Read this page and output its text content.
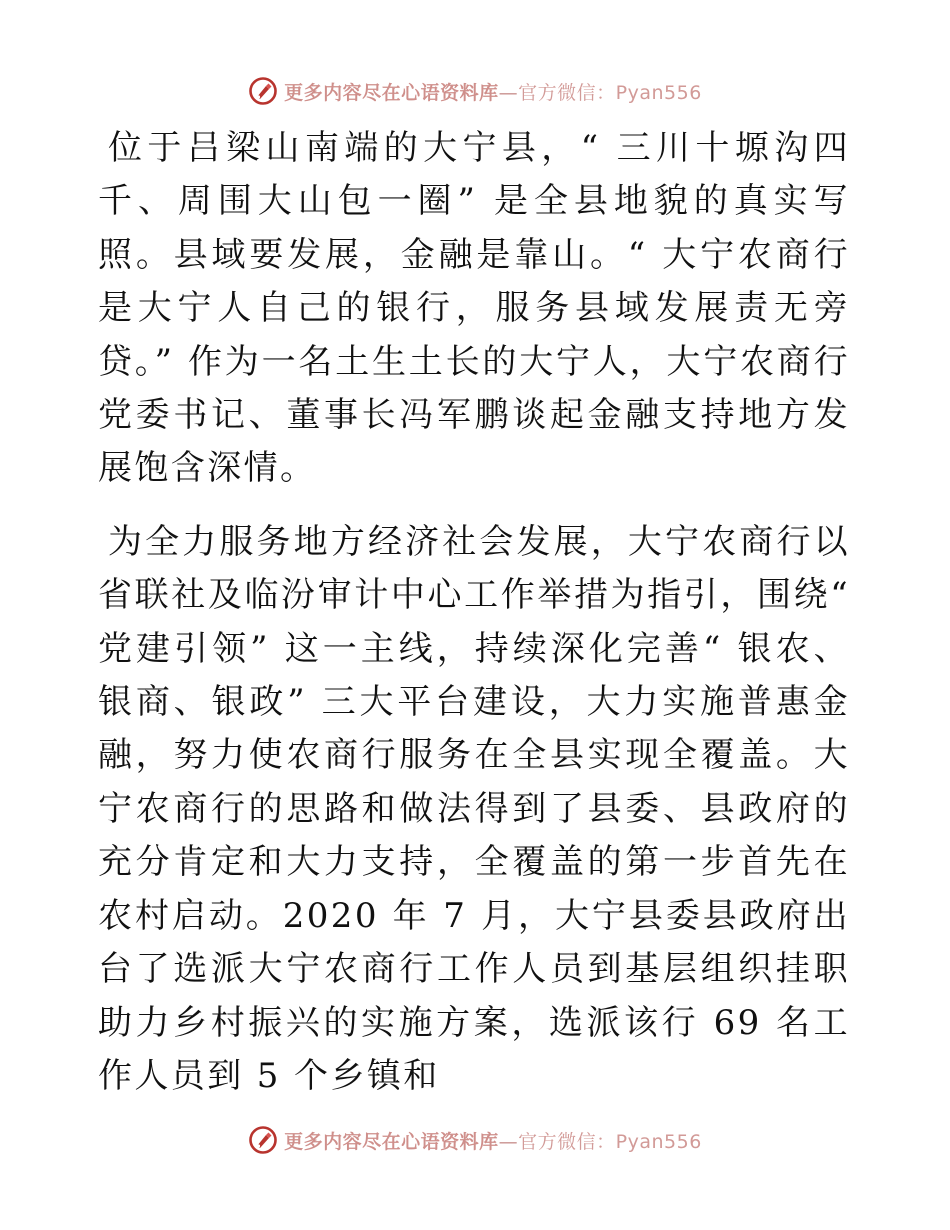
更多内容尽在心语资料库—官方微信：Pyan556

位于吕梁山南端的大宁县，“ 三川十塬沟四千、周围大山包一圈” 是全县地貌的真实写照。县域要发展，金融是靠山。“ 大宁农商行是大宁人自己的银行，服务县域发展责无旁贷。” 作为一名土生土长的大宁人，大宁农商行党委书记、董事长冯军鹏谈起金融支持地方发展饱含深情。

为全力服务地方经济社会发展，大宁农商行以省联社及临汾审计中心工作举措为指引，围绕“ 党建引领” 这一主线，持续深化完善“ 银农、银商、银政” 三大平台建设，大力实施普惠金融，努力使农商行服务在全县实现全覆盖。大宁农商行的思路和做法得到了县委、县政府的充分肯定和大力支持，全覆盖的第一步首先在农村启动。2020 年 7 月，大宁县委县政府出台了选派大宁农商行工作人员到基层组织挂职助力乡村振兴的实施方案，选派该行 69 名工作人员到 5 个乡镇和

更多内容尽在心语资料库—官方微信：Pyan556
